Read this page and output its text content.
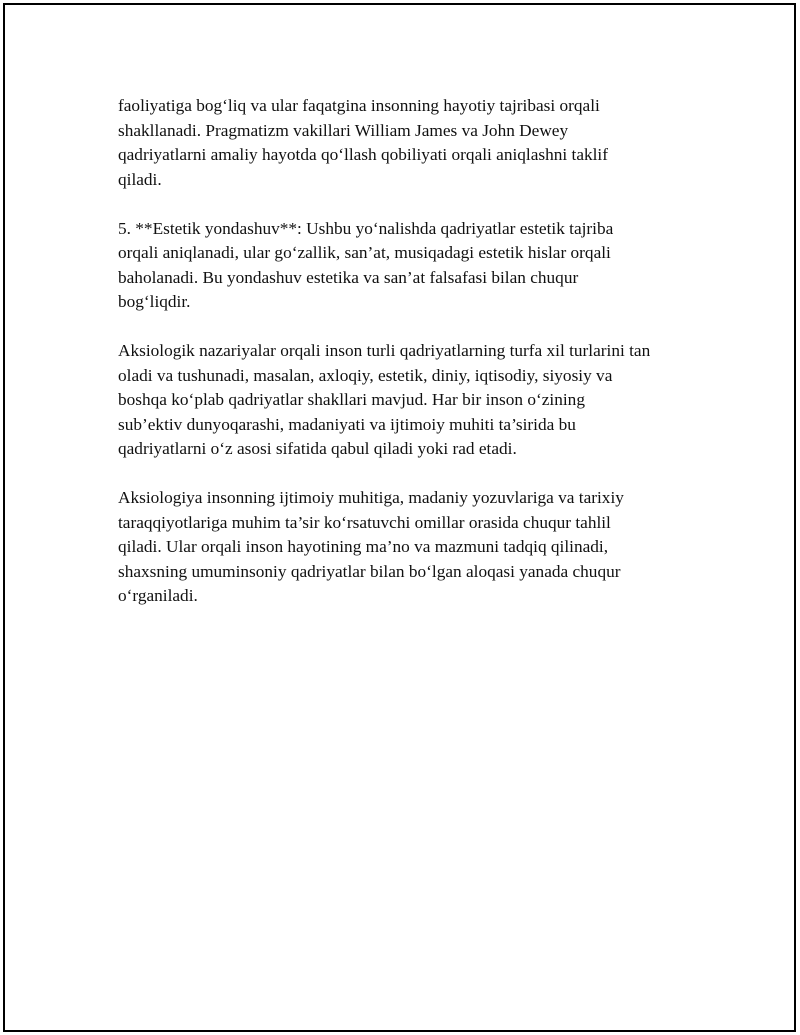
faoliyatiga bog‘liq va ular faqatgina insonning hayotiy tajribasi orqali
shakllanadi. Pragmatizm vakillari William James va John Dewey
qadriyatlarni amaliy hayotda qo‘llash qobiliyati orqali aniqlashni taklif
qiladi.

5. **Estetik yondashuv**: Ushbu yo‘nalishda qadriyatlar estetik tajriba
orqali aniqlanadi, ular go‘zallik, san’at, musiqadagi estetik hislar orqali
baholanadi. Bu yondashuv estetika va san’at falsafasi bilan chuqur
bog‘liqdir.

Aksiologik nazariyalar orqali inson turli qadriyatlarning turfa xil turlarini tan
oladi va tushunadi, masalan, axloqiy, estetik, diniy, iqtisodiy, siyosiy va
boshqa ko‘plab qadriyatlar shakllari mavjud. Har bir inson o‘zining
sub’ektiv dunyoqarashi, madaniyati va ijtimoiy muhiti ta’sirida bu
qadriyatlarni o‘z asosi sifatida qabul qiladi yoki rad etadi.

Aksiologiya insonning ijtimoiy muhitiga, madaniy yozuvlariga va tarixiy
taraqqiyotlariga muhim ta’sir ko‘rsatuvchi omillar orasida chuqur tahlil
qiladi. Ular orqali inson hayotining ma’no va mazmuni tadqiq qilinadi,
shaxsning umuminsoniy qadriyatlar bilan bo‘lgan aloqasi yanada chuqur
o‘rganiladi.
